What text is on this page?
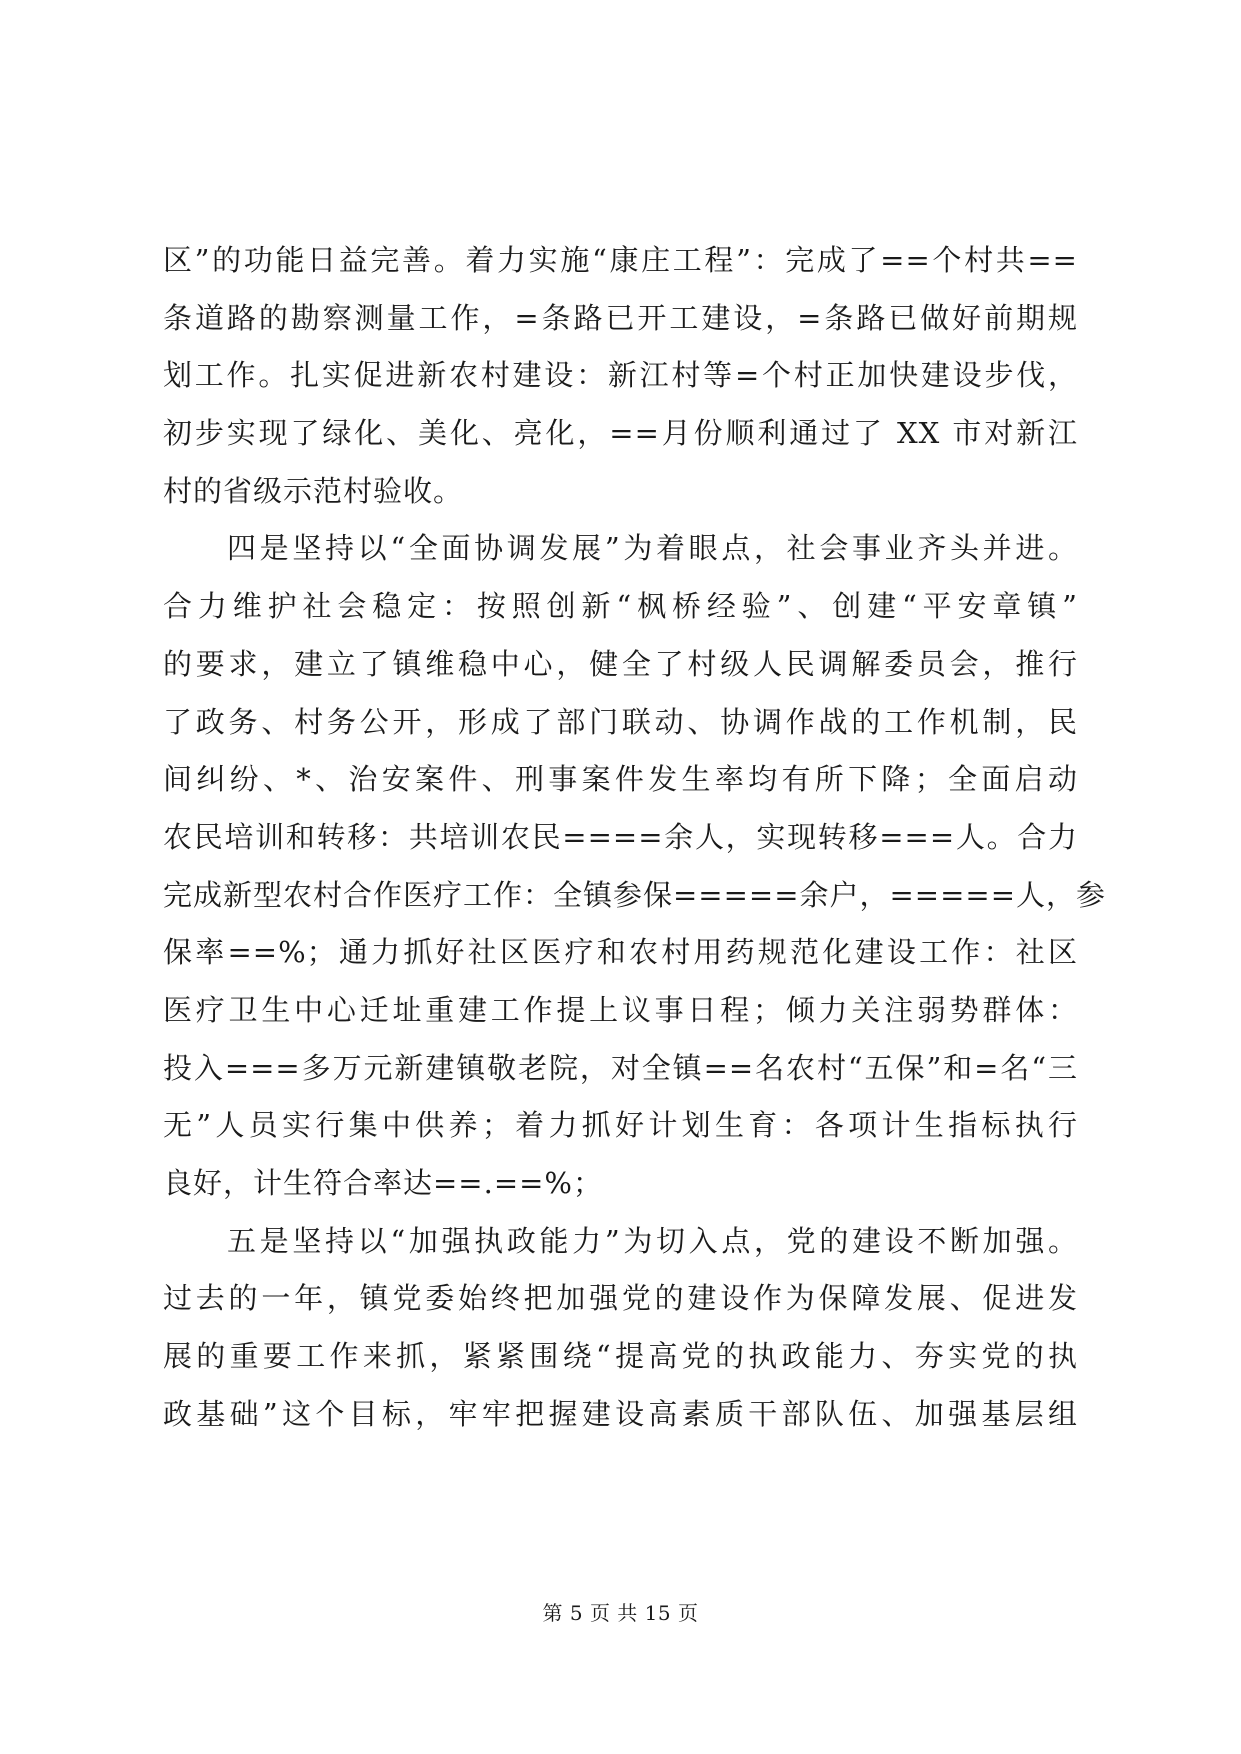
区”的功能日益完善。着力实施“康庄工程”：完成了==个村共==
条道路的勘察测量工作，=条路已开工建设，=条路已做好前期规
划工作。扎实促进新农村建设：新江村等=个村正加快建设步伐，
初步实现了绿化、美化、亮化，==月份顺利通过了 XX 市对新江
村的省级示范村验收。
四是坚持以“全面协调发展”为着眼点，社会事业齐头并进。
合力维护社会稳定：按照创新“枫桥经验”、创建“平安章镇”
的要求，建立了镇维稳中心，健全了村级人民调解委员会，推行
了政务、村务公开，形成了部门联动、协调作战的工作机制，民
间纠纷、*、治安案件、刑事案件发生率均有所下降；全面启动
农民培训和转移：共培训农民====余人，实现转移===人。合力
完成新型农村合作医疗工作：全镇参保=====余户，=====人，参
保率==%；通力抓好社区医疗和农村用药规范化建设工作：社区
医疗卫生中心迁址重建工作提上议事日程；倾力关注弱势群体：
投入===多万元新建镇敬老院，对全镇==名农村“五保”和=名“三
无”人员实行集中供养；着力抓好计划生育：各项计生指标执行
良好，计生符合率达==.==%；
五是坚持以“加强执政能力”为切入点，党的建设不断加强。
过去的一年，镇党委始终把加强党的建设作为保障发展、促进发
展的重要工作来抓，紧紧围绕“提高党的执政能力、夯实党的执
政基础”这个目标，牢牢把握建设高素质干部队伍、加强基层组
第 5 页 共 15 页
